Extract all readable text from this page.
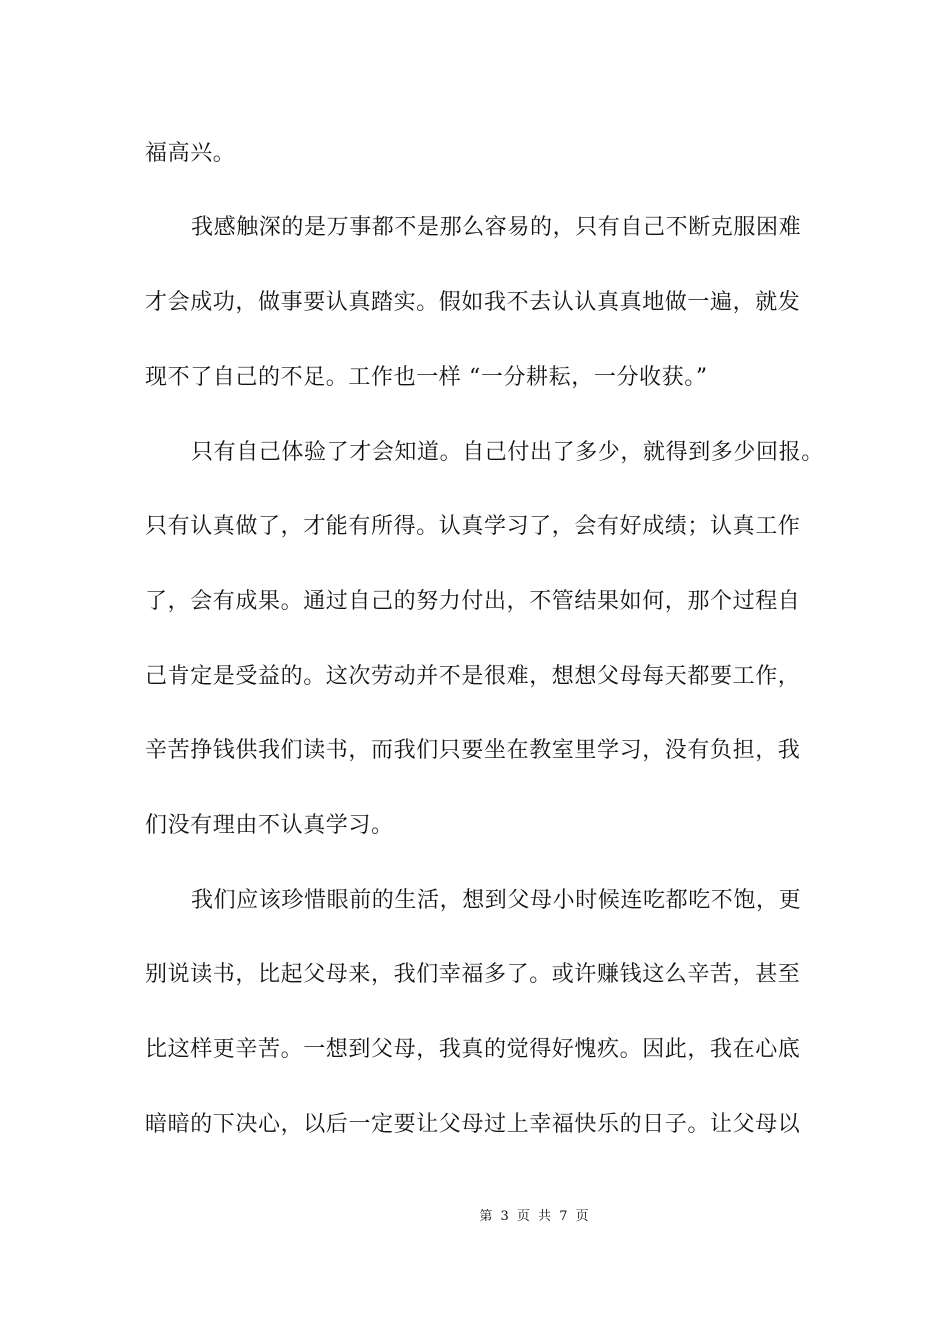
福高兴。
我感触深的是万事都不是那么容易的，只有自己不断克服困难
才会成功，做事要认真踏实。假如我不去认认真真地做一遍，就发
现不了自己的不足。工作也一样 “一分耕耘，一分收获。”
只有自己体验了才会知道。自己付出了多少，就得到多少回报。
只有认真做了，才能有所得。认真学习了，会有好成绩；认真工作
了，会有成果。通过自己的努力付出，不管结果如何，那个过程自
己肯定是受益的。这次劳动并不是很难，想想父母每天都要工作，
辛苦挣钱供我们读书，而我们只要坐在教室里学习，没有负担，我
们没有理由不认真学习。
我们应该珍惜眼前的生活，想到父母小时候连吃都吃不饱，更
别说读书，比起父母来，我们幸福多了。或许赚钱这么辛苦，甚至
比这样更辛苦。一想到父母，我真的觉得好愧疚。因此，我在心底
暗暗的下决心，以后一定要让父母过上幸福快乐的日子。让父母以
第 3 页 共 7 页
